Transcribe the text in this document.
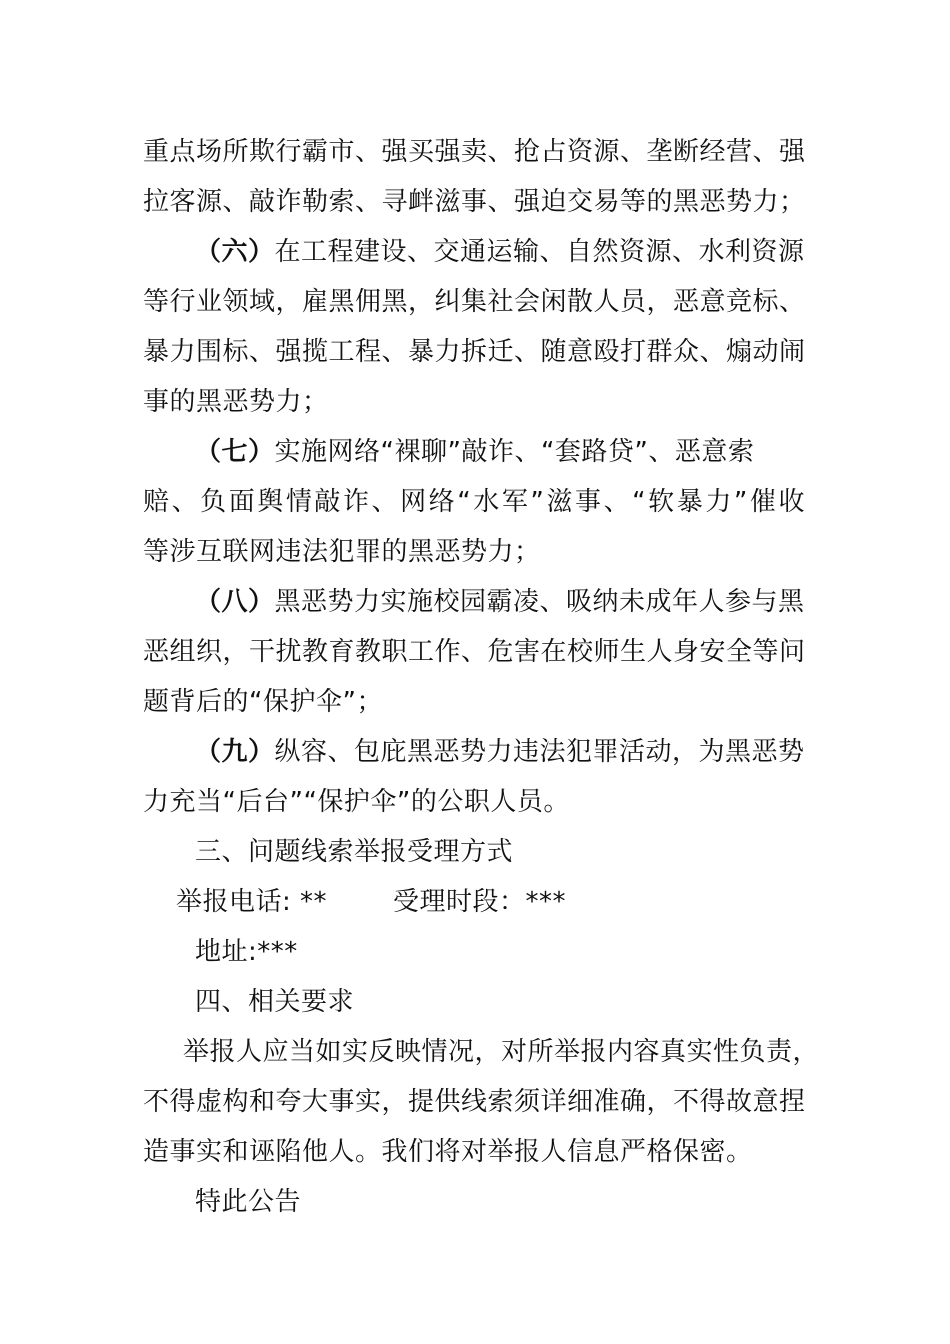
重点场所欺行霸市、强买强卖、抢占资源、垄断经营、强
拉客源、敲诈勒索、寻衅滋事、强迫交易等的黑恶势力；
（六）在工程建设、交通运输、自然资源、水利资源
等行业领域，雇黑佣黑，纠集社会闲散人员，恶意竞标、
暴力围标、强揽工程、暴力拆迁、随意殴打群众、煽动闹
事的黑恶势力；
（七）实施网络“裸聊”敲诈、“套路贷”、恶意索
赔、负面舆情敲诈、网络“水军”滋事、“软暴力”催收
等涉互联网违法犯罪的黑恶势力；
（八）黑恶势力实施校园霸凌、吸纳未成年人参与黑
恶组织，干扰教育教职工作、危害在校师生人身安全等问
题背后的“保护伞”；
（九）纵容、包庇黑恶势力违法犯罪活动，为黑恶势
力充当“后台”“保护伞”的公职人员。
三、问题线索举报受理方式
举报电话: **	受理时段：***
地址:***
四、相关要求
举报人应当如实反映情况，对所举报内容真实性负责，
不得虚构和夸大事实，提供线索须详细准确，不得故意捏
造事实和诬陷他人。我们将对举报人信息严格保密。
特此公告
